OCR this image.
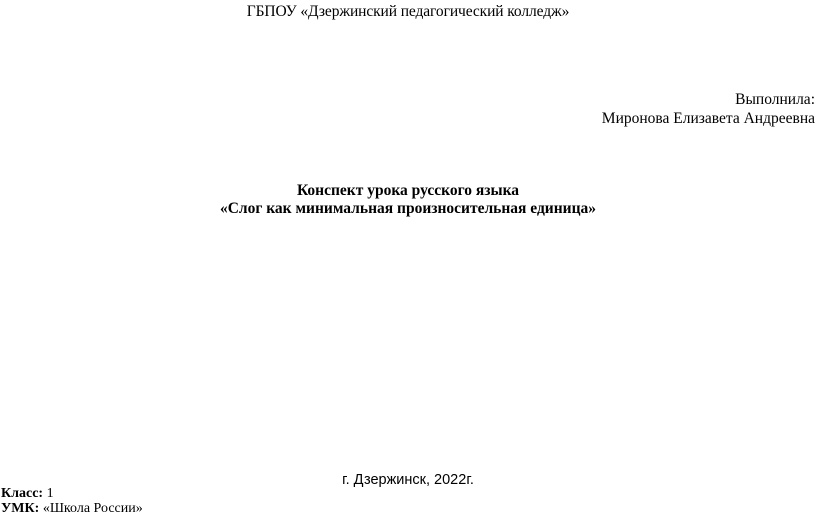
ГБПОУ «Дзержинский педагогический колледж»
Выполнила:
Миронова Елизавета Андреевна
Конспект урока русского языка
«Слог как минимальная произносительная единица»
г. Дзержинск, 2022г.
Класс: 1
УМК: «Школа России»
